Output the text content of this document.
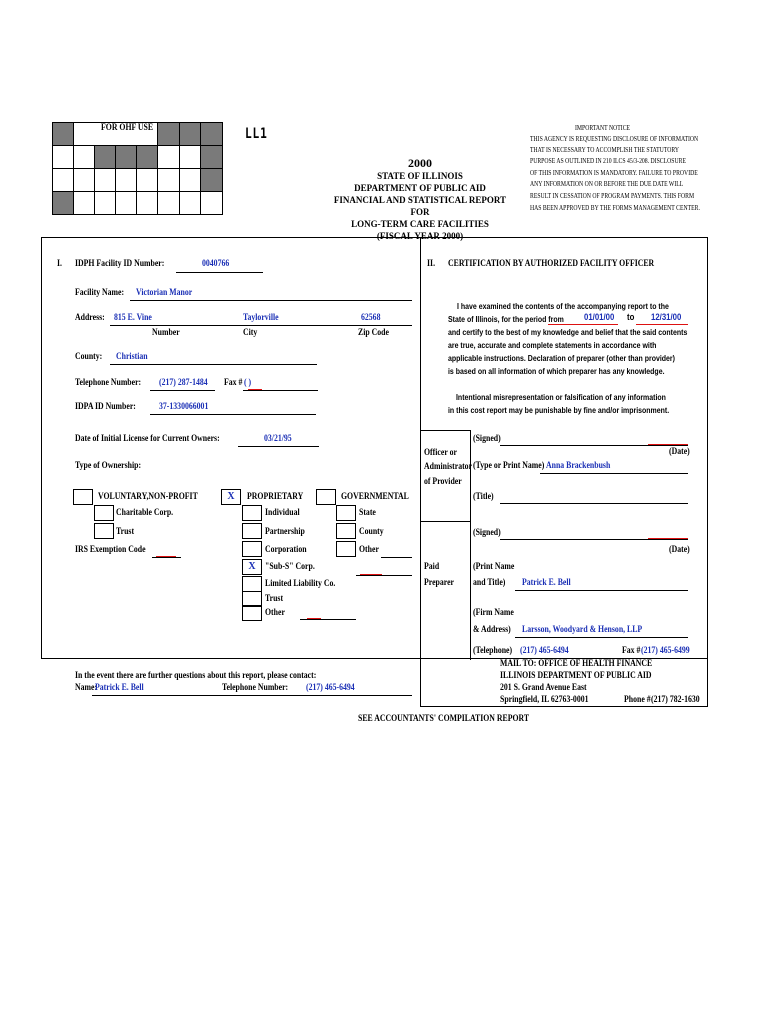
FOR OHF USE	LL1
2000
STATE OF ILLINOIS
DEPARTMENT OF PUBLIC AID
FINANCIAL AND STATISTICAL REPORT FOR
LONG-TERM CARE FACILITIES
(FISCAL YEAR 2000)
IMPORTANT NOTICE
THIS AGENCY IS REQUESTING DISCLOSURE OF INFORMATION
THAT IS NECESSARY TO ACCOMPLISH THE STATUTORY
PURPOSE AS OUTLINED IN 210 ILCS 45/3-208. DISCLOSURE
OF THIS INFORMATION IS MANDATORY. FAILURE TO PROVIDE
ANY INFORMATION ON OR BEFORE THE DUE DATE WILL
RESULT IN CESSATION OF PROGRAM PAYMENTS. THIS FORM
HAS BEEN APPROVED BY THE FORMS MANAGEMENT CENTER.
I. IDPH Facility ID Number:	0040766
Facility Name: Victorian Manor
Address: 815 E. Vine	Taylorville	62568
Number	City	Zip Code
County: Christian
Telephone Number: (217) 287-1484 Fax # ( )
IDPA ID Number: 37-1330066001
Date of Initial License for Current Owners:	03/21/95
Type of Ownership:
VOLUNTARY,NON-PROFIT
Charitable Corp.
Trust
IRS Exemption Code
X	PROPRIETARY
Individual
Partnership
Corporation
X "Sub-S" Corp.
Limited Liability Co.
Trust
Other
GOVERNMENTAL
State
County
Other
In the event there are further questions about this report, please contact:
Name:
Patrick E. Bell	Telephone Number: (217) 465-6494
II. CERTIFICATION BY AUTHORIZED FACILITY OFFICER
I have examined the contents of the accompanying report to the
State of Illinois, for the period from 01/01/00 to 12/31/00
and certify to the best of my knowledge and belief that the said contents
are true, accurate and complete statements in accordance with
applicable instructions. Declaration of preparer (other than provider)
is based on all information of which preparer has any knowledge.
Intentional misrepresentation or falsification of any information
in this cost report may be punishable by fine and/or imprisonment.
Officer or
Administrator
of Provider
(Signed)
(Date)
(Type or Print Name) Anna Brackenbush
(Title)
Paid
Preparer
(Signed)
(Date)
(Print Name
and Title) Patrick E. Bell
(Firm Name
& Address) Larsson, Woodyard & Henson, LLP
(Telephone) (217) 465-6494	Fax # (217) 465-6499
MAIL TO: OFFICE OF HEALTH FINANCE
ILLINOIS DEPARTMENT OF PUBLIC AID
201 S. Grand Avenue East
Springfield, IL 62763-0001	Phone # (217) 782-1630
SEE ACCOUNTANTS' COMPILATION REPORT
